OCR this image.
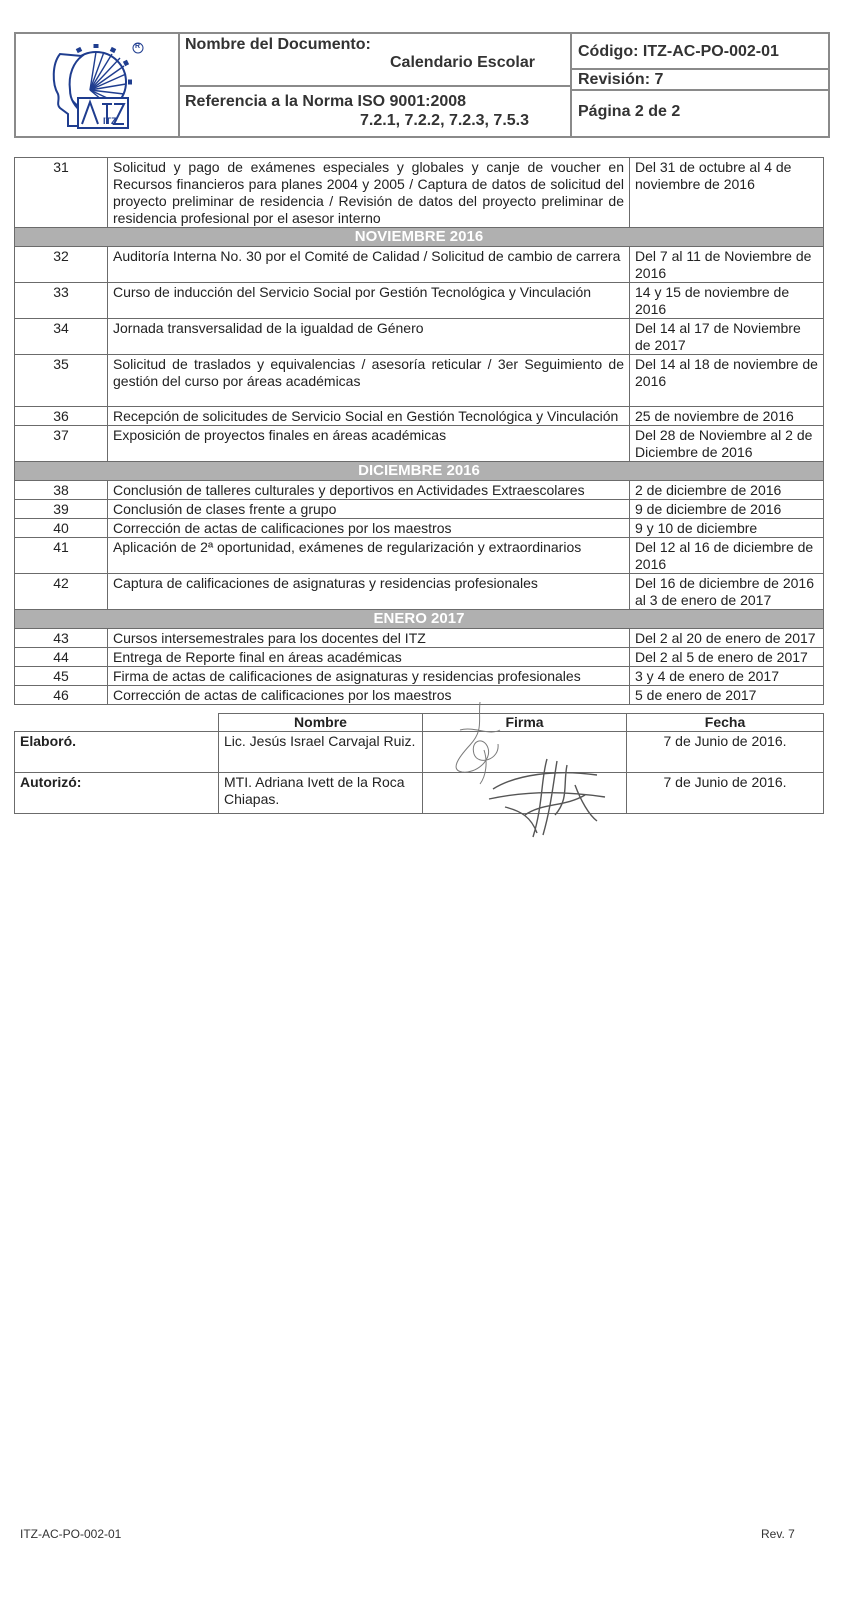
R
ITZ
Nombre del Documento:
Calendario Escolar
Referencia a la Norma ISO 9001:2008
7.2.1, 7.2.2, 7.2.3, 7.5.3
Código: ITZ-AC-PO-002-01
Revisión: 7
Página 2 de 2
31	Solicitud y pago de exámenes especiales y globales y canje de voucher en Recursos financieros para planes 2004 y 2005 / Captura de datos de solicitud del proyecto preliminar de residencia / Revisión de datos del proyecto preliminar de residencia profesional por el asesor interno	Del 31 de octubre al 4 de noviembre de 2016
NOVIEMBRE 2016		
32	Auditoría Interna No. 30 por el Comité de Calidad / Solicitud de cambio de carrera	Del 7 al 11 de Noviembre de 2016
33	Curso de inducción del Servicio Social por Gestión Tecnológica y Vinculación	14 y 15 de noviembre de 2016
34	Jornada transversalidad de la igualdad de Género	Del 14 al 17 de Noviembre de 2017
35	Solicitud de traslados y equivalencias / asesoría reticular / 3er Seguimiento de gestión del curso por áreas académicas	Del 14 al 18 de noviembre de 2016
36	Recepción de solicitudes de Servicio Social en Gestión Tecnológica y Vinculación	25 de noviembre de 2016
37	Exposición de proyectos finales en áreas académicas	Del 28 de Noviembre al 2 de Diciembre de 2016
DICIEMBRE 2016		
38	Conclusión de talleres culturales y deportivos en Actividades Extraescolares	2 de diciembre de 2016
39	Conclusión de clases frente a grupo	9 de diciembre de 2016
40	Corrección de actas de calificaciones por los maestros	9 y 10 de diciembre
41	Aplicación de 2ª oportunidad, exámenes de regularización y extraordinarios	Del 12 al 16 de diciembre de 2016
42	Captura de calificaciones de asignaturas y residencias profesionales	Del 16 de diciembre de 2016 al 3 de enero de 2017
ENERO 2017		
43	Cursos intersemestrales para los docentes del ITZ	Del 2 al 20 de enero de 2017
44	Entrega de Reporte final en áreas académicas	Del 2 al 5 de enero de 2017
45	Firma de actas de calificaciones de asignaturas y residencias profesionales	3 y 4 de enero de 2017
46	Corrección de actas de calificaciones por los maestros	5 de enero de 2017
	Nombre	Firma	Fecha
Elaboró.	Lic. Jesús Israel Carvajal Ruiz.		7 de Junio de 2016.
Autorizó:	MTI. Adriana Ivett de la Roca Chiapas.		7 de Junio de 2016.
ITZ-AC-PO-002-01	Rev. 7
